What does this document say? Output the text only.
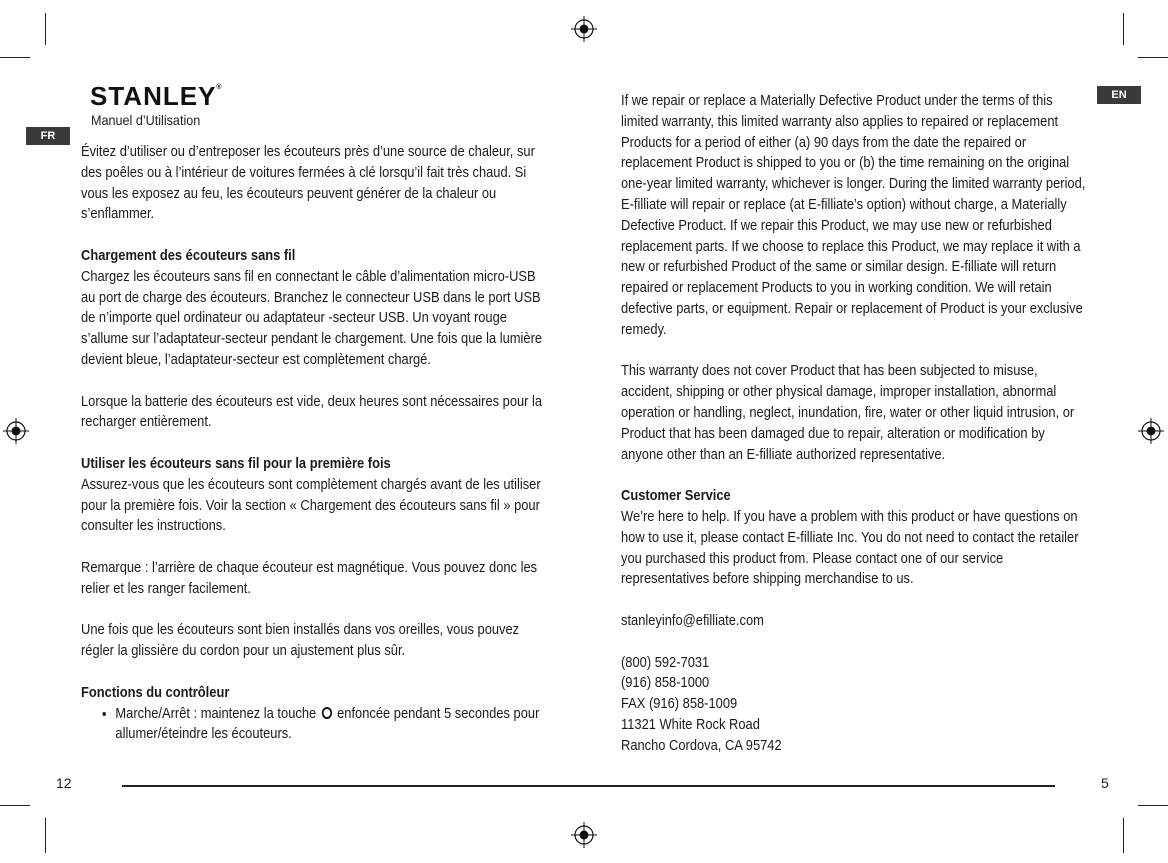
STANLEY®
Manuel d’Utilisation
FR
EN

Évitez d’utiliser ou d’entreposer les écouteurs près d’une source de chaleur, sur des poêles ou à l’intérieur de voitures fermées à clé lorsqu’il fait très chaud. Si vous les exposez au feu, les écouteurs peuvent générer de la chaleur ou s’enflammer.

Chargement des écouteurs sans fil

Chargez les écouteurs sans fil en connectant le câble d’alimentation micro-USB au port de charge des écouteurs. Branchez le connecteur USB dans le port USB de n’importe quel ordinateur ou adaptateur -secteur USB. Un voyant rouge s’allume sur l’adaptateur-secteur pendant le chargement. Une fois que la lumière devient bleue, l’adaptateur-secteur est complètement chargé.

Lorsque la batterie des écouteurs est vide, deux heures sont nécessaires pour la recharger entièrement.

Utiliser les écouteurs sans fil pour la première fois

Assurez-vous que les écouteurs sont complètement chargés avant de les utiliser pour la première fois. Voir la section « Chargement des écouteurs sans fil » pour consulter les instructions.

Remarque : l’arrière de chaque écouteur est magnétique. Vous pouvez donc les relier et les ranger facilement.

Une fois que les écouteurs sont bien installés dans vos oreilles, vous pouvez régler la glissière du cordon pour un ajustement plus sûr.

Fonctions du contrôleur
• Marche/Arrêt : maintenez la touche enfoncée pendant 5 secondes pour allumer/éteindre les écouteurs.

If we repair or replace a Materially Defective Product under the terms of this limited warranty, this limited warranty also applies to repaired or replacement Products for a period of either (a) 90 days from the date the repaired or replacement Product is shipped to you or (b) the time remaining on the original one-year limited warranty, whichever is longer. During the limited warranty period, E-filliate will repair or replace (at E-filliate’s option) without charge, a Materially Defective Product. If we repair this Product, we may use new or refurbished replacement parts. If we choose to replace this Product, we may replace it with a new or refurbished Product of the same or similar design. E-filliate will return repaired or replacement Products to you in working condition. We will retain defective parts, or equipment. Repair or replacement of Product is your exclusive remedy.

This warranty does not cover Product that has been subjected to misuse, accident, shipping or other physical damage, improper installation, abnormal operation or handling, neglect, inundation, fire, water or other liquid intrusion, or Product that has been damaged due to repair, alteration or modification by anyone other than an E-filliate authorized representative.

Customer Service

We’re here to help. If you have a problem with this product or have questions on how to use it, please contact E-filliate Inc. You do not need to contact the retailer you purchased this product from. Please contact one of our service representatives before shipping merchandise to us.

stanleyinfo@efilliate.com

(800) 592-7031

(916) 858-1000

FAX (916) 858-1009

11321 White Rock Road

Rancho Cordova, CA 95742

12	5
